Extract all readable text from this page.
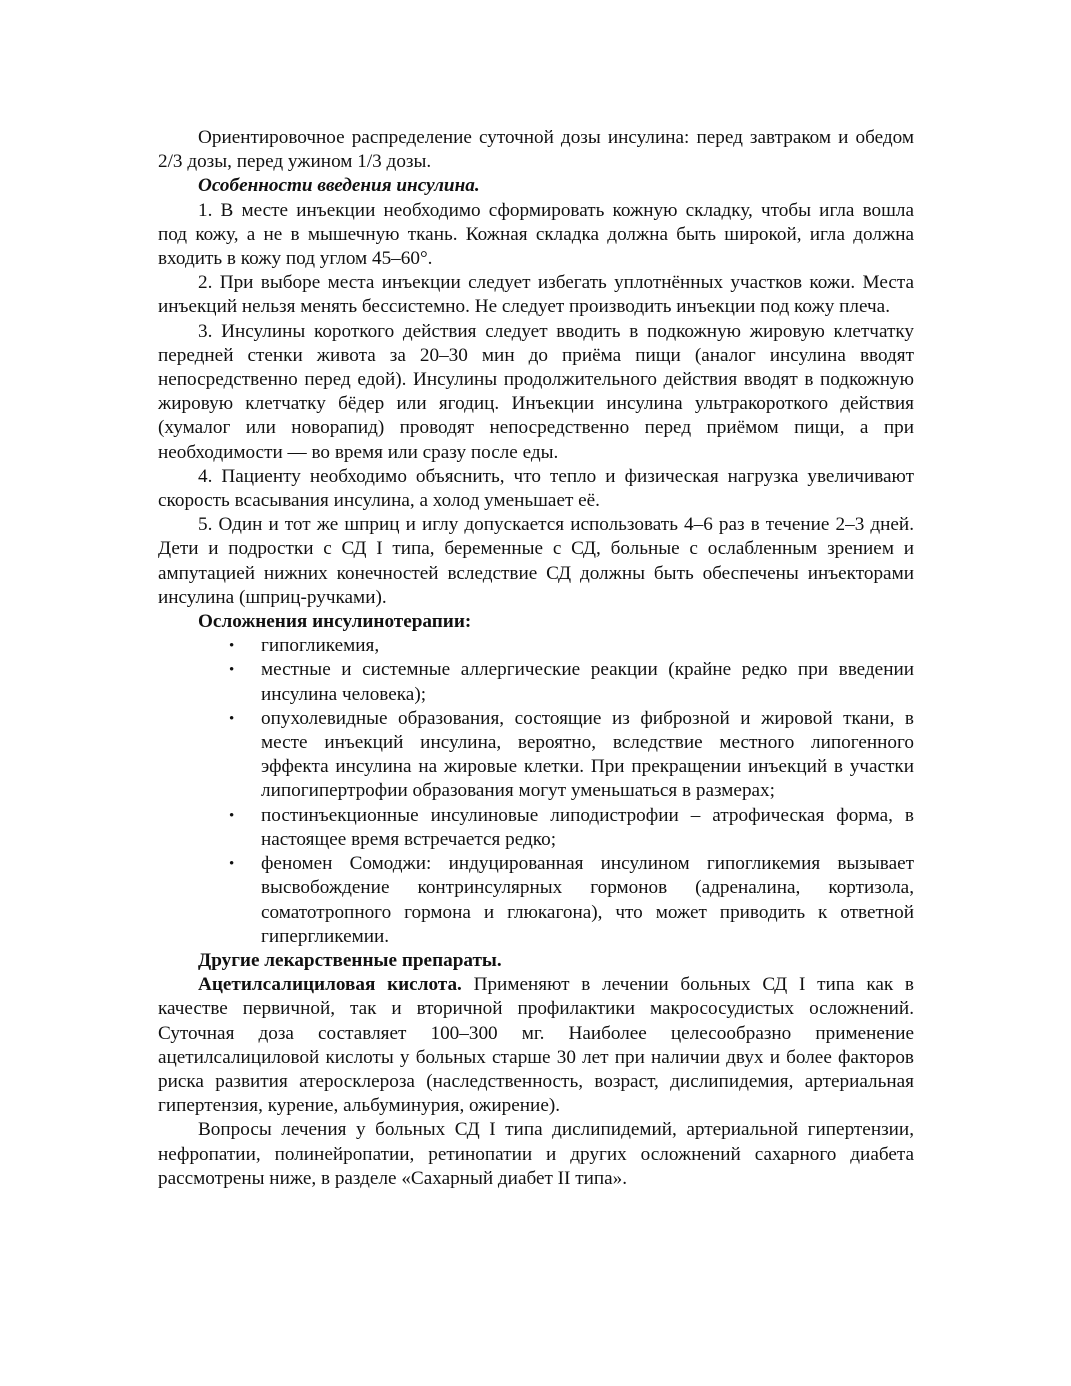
Ориентировочное распределение суточной дозы инсулина: перед завтраком и обедом 2/3 дозы, перед ужином 1/3 дозы.

Особенности введения инсулина.

1. В месте инъекции необходимо сформировать кожную складку, чтобы игла вошла под кожу, а не в мышечную ткань. Кожная складка должна быть широкой, игла должна входить в кожу под углом 45–60°.

2. При выборе места инъекции следует избегать уплотнённых участков кожи. Места инъекций нельзя менять бессистемно. Не следует производить инъекции под кожу плеча.

3. Инсулины короткого действия следует вводить в подкожную жировую клетчатку передней стенки живота за 20–30 мин до приёма пищи (аналог инсулина вводят непосредственно перед едой). Инсулины продолжительного действия вводят в подкожную жировую клетчатку бёдер или ягодиц. Инъекции инсулина ультракороткого действия (хумалог или новорапид) проводят непосредственно перед приёмом пищи, а при необходимости — во время или сразу после еды.

4. Пациенту необходимо объяснить, что тепло и физическая нагрузка увеличивают скорость всасывания инсулина, а холод уменьшает её.

5. Один и тот же шприц и иглу допускается использовать 4–6 раз в течение 2–3 дней. Дети и подростки с СД I типа, беременные с СД, больные с ослабленным зрением и ампутацией нижних конечностей вследствие СД должны быть обеспечены инъекторами инсулина (шприц-ручками).

Осложнения инсулинотерапии:

• гипогликемия,
• местные и системные аллергические реакции (крайне редко при введении инсулина человека);
• опухолевидные образования, состоящие из фиброзной и жировой ткани, в месте инъекций инсулина, вероятно, вследствие местного липогенного эффекта инсулина на жировые клетки. При прекращении инъекций в участки липогипертрофии образования могут уменьшаться в размерах;
• постинъекционные инсулиновые липодистрофии – атрофическая форма, в настоящее время встречается редко;
• феномен Сомоджи: индуцированная инсулином гипогликемия вызывает высвобождение контринсулярных гормонов (адреналина, кортизола, соматотропного гормона и глюкагона), что может приводить к ответной гипергликемии.

Другие лекарственные препараты.

Ацетилсалициловая кислота. Применяют в лечении больных СД I типа как в качестве первичной, так и вторичной профилактики макрососудистых осложнений. Суточная доза составляет 100–300 мг. Наиболее целесообразно применение ацетилсалициловой кислоты у больных старше 30 лет при наличии двух и более факторов риска развития атеросклероза (наследственность, возраст, дислипидемия, артериальная гипертензия, курение, альбуминурия, ожирение).

Вопросы лечения у больных СД I типа дислипидемий, артериальной гипертензии, нефропатии, полинейропатии, ретинопатии и других осложнений сахарного диабета рассмотрены ниже, в разделе «Сахарный диабет II типа».
